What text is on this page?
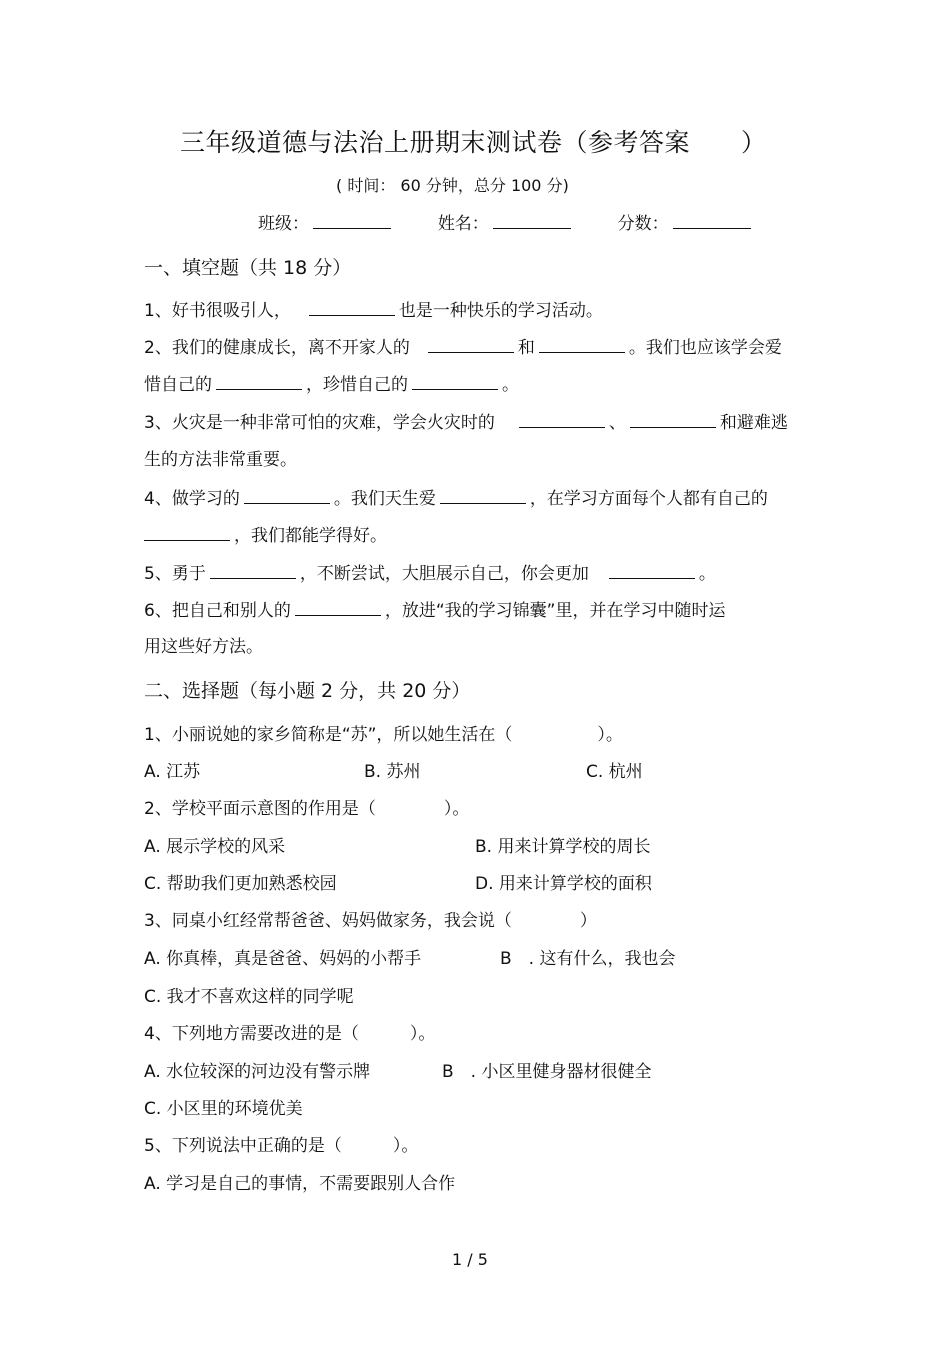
三年级道德与法治上册期末测试卷（参考答案　　）
( 时间： 60 分钟，总分 100 分)
班级：	姓名：	分数：
一、填空题（共 18 分）
1、好书很吸引人，	也是一种快乐的学习活动。
2、我们的健康成长，离不开家人的	和	。我们也应该学会爱
惜自己的	，珍惜自己的	。
3、火灾是一种非常可怕的灾难，学会火灾时的	、	和避难逃
生的方法非常重要。
4、做学习的	。我们天生爱	，在学习方面每个人都有自己的
，我们都能学得好。
5、勇于	，不断尝试，大胆展示自己，你会更加	。
6、把自己和别人的	，放进“我的学习锦囊”里，并在学习中随时运
用这些好方法。
二、选择题（每小题 2 分，共 20 分）
1、小丽说她的家乡简称是“苏”，所以她生活在（　　　　　）。
A. 江苏	B. 苏州	C. 杭州
2、学校平面示意图的作用是（　　　　）。
A. 展示学校的风采	B. 用来计算学校的周长
C. 帮助我们更加熟悉校园	D. 用来计算学校的面积
3、同桌小红经常帮爸爸、妈妈做家务，我会说（　　　　）
A. 你真棒，真是爸爸、妈妈的小帮手	B　. 这有什么，我也会
C. 我才不喜欢这样的同学呢
4、下列地方需要改进的是（　　　）。
A. 水位较深的河边没有警示牌	B　. 小区里健身器材很健全
C. 小区里的环境优美
5、下列说法中正确的是（　　　）。
A. 学习是自己的事情，不需要跟别人合作
1 / 5
